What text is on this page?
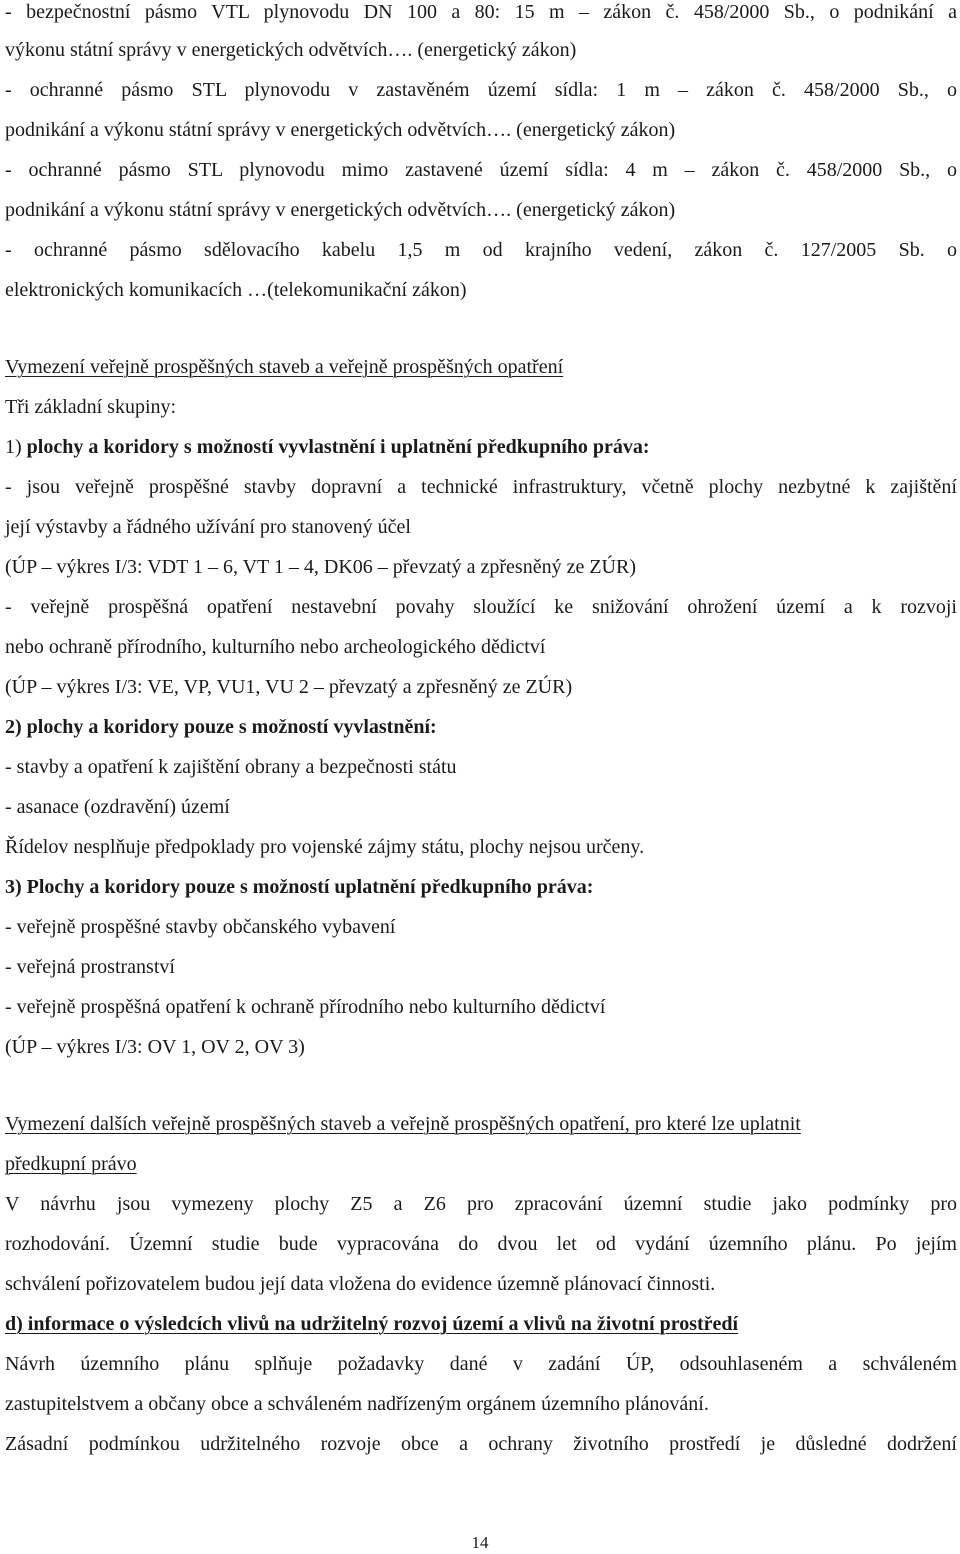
- bezpečnostní pásmo VTL plynovodu DN 100 a 80: 15 m – zákon č. 458/2000 Sb., o podnikání a
výkonu státní správy v energetických odvětvích…. (energetický zákon)
- ochranné pásmo STL plynovodu v zastavěném území sídla: 1 m – zákon č. 458/2000 Sb., o
podnikání a výkonu státní správy v energetických odvětvích…. (energetický zákon)
- ochranné pásmo STL plynovodu mimo zastavené území sídla: 4 m – zákon č. 458/2000 Sb., o
podnikání a výkonu státní správy v energetických odvětvích…. (energetický zákon)
- ochranné pásmo sdělovacího kabelu 1,5 m od krajního vedení, zákon č. 127/2005 Sb. o
elektronických komunikacích …(telekomunikační zákon)
Vymezení veřejně prospěšných staveb a veřejně prospěšných opatření
Tři základní skupiny:
1) plochy a koridory s možností vyvlastnění i uplatnění předkupního práva:
- jsou veřejně prospěšné stavby dopravní a technické infrastruktury, včetně plochy nezbytné k zajištění
její výstavby a řádného užívání pro stanovený účel
(ÚP – výkres I/3: VDT 1 – 6, VT 1 – 4, DK06 – převzatý a zpřesněný ze ZÚR)
- veřejně prospěšná opatření nestavební povahy sloužící ke snižování ohrožení území a k rozvoji
nebo ochraně přírodního, kulturního nebo archeologického dědictví
(ÚP – výkres I/3: VE, VP, VU1, VU 2 – převzatý a zpřesněný ze ZÚR)
2) plochy a koridory pouze s možností vyvlastnění:
- stavby a opatření k zajištění obrany a bezpečnosti státu
- asanace (ozdravění) území
Řídelov nesplňuje předpoklady pro vojenské zájmy státu, plochy nejsou určeny.
3) Plochy a koridory pouze s možností uplatnění předkupního práva:
- veřejně prospěšné stavby občanského vybavení
- veřejná prostranství
- veřejně prospěšná opatření k ochraně přírodního nebo kulturního dědictví
(ÚP – výkres I/3: OV 1, OV 2, OV 3)
Vymezení dalších veřejně prospěšných staveb a veřejně prospěšných opatření, pro které lze uplatnit
předkupní právo
V návrhu jsou vymezeny plochy Z5 a Z6 pro zpracování územní studie jako podmínky pro
rozhodování. Územní studie bude vypracována do dvou let od vydání územního plánu. Po jejím
schválení pořizovatelem budou její data vložena do evidence územně plánovací činnosti.
d) informace o výsledcích vlivů na udržitelný rozvoj území a vlivů na životní prostředí
Návrh územního plánu splňuje požadavky dané v zadání ÚP, odsouhlaseném a schváleném
zastupitelstvem a občany obce a schváleném nadřízeným orgánem územního plánování.
Zásadní podmínkou udržitelného rozvoje obce a ochrany životního prostředí je důsledné dodržení
14
